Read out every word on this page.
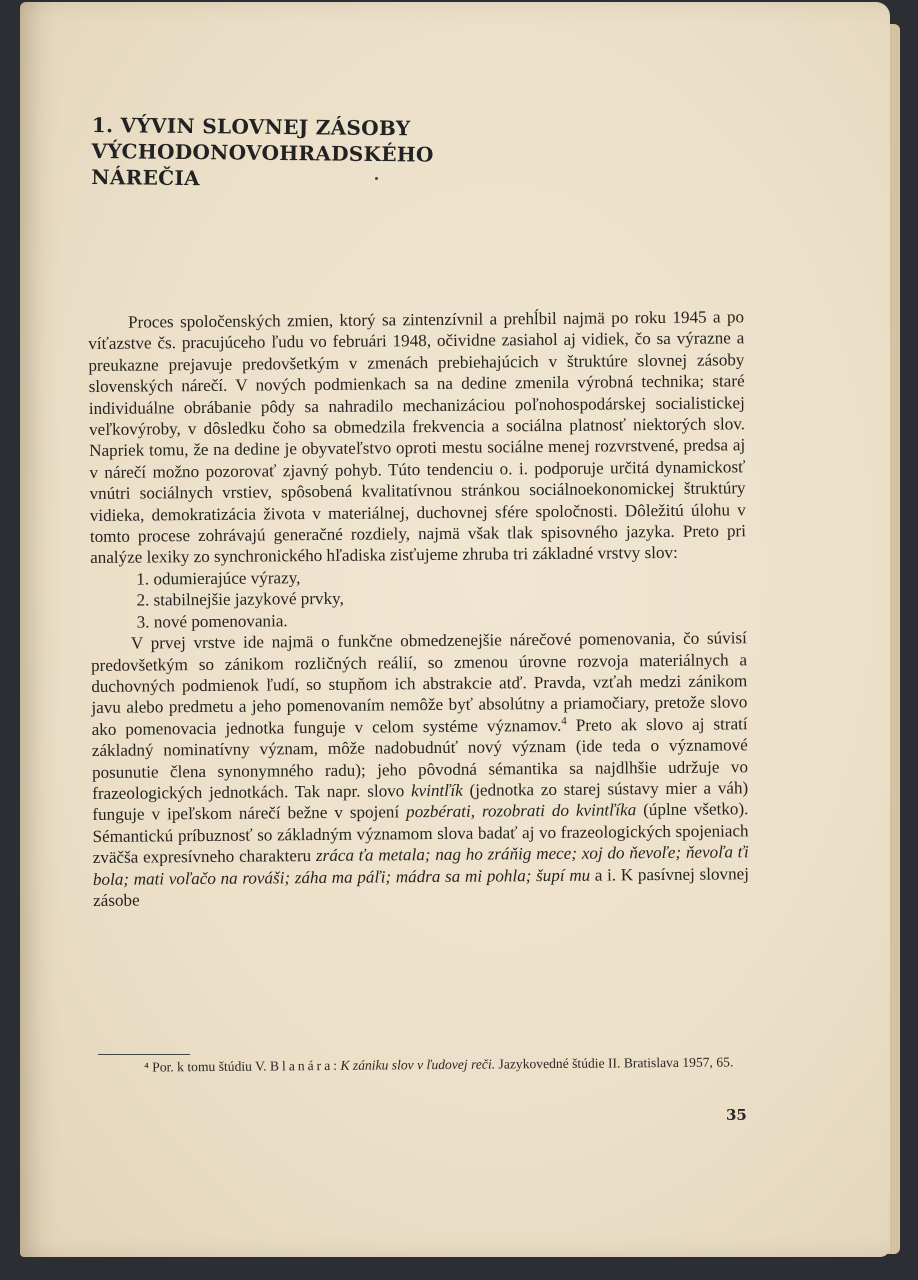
1. VÝVIN SLOVNEJ ZÁSOBY VÝCHODONOVOHRADSKÉHO
NÁREČIA

Proces spoločenských zmien, ktorý sa zintenzívnil a prehĺbil najmä po roku 1945 a po víťazstve čs. pracujúceho ľudu vo februári 1948, očividne zasiahol aj vidiek, čo sa výrazne a preukazne prejavuje predovšetkým v zmenách prebiehajúcich v štruktúre slovnej zásoby slovenských nárečí. V nových podmienkach sa na dedine zmenila výrobná technika; staré individuálne obrábanie pôdy sa nahradilo mechanizáciou poľnohospodárskej socialistickej veľkovýroby, v dôsledku čoho sa obmedzila frekvencia a sociálna platnosť niektorých slov. Napriek tomu, že na dedine je obyvateľstvo oproti mestu sociálne menej rozvrstvené, predsa aj v nárečí možno pozorovať zjavný pohyb. Túto tendenciu o. i. podporuje určitá dynamickosť vnútri sociálnych vrstiev, spôsobená kvalitatívnou stránkou sociálnoekonomickej štruktúry vidieka, demokratizácia života v materiálnej, duchovnej sfére spoločnosti. Dôležitú úlohu v tomto procese zohrávajú generačné rozdiely, najmä však tlak spisovného jazyka. Preto pri analýze lexiky zo synchronického hľadiska zisťujeme zhruba tri základné vrstvy slov:

1. odumierajúce výrazy,
2. stabilnejšie jazykové prvky,
3. nové pomenovania.

V prvej vrstve ide najmä o funkčne obmedzenejšie nárečové pomenovania, čo súvisí predovšetkým so zánikom rozličných reálií, so zmenou úrovne rozvoja materiálnych a duchovných podmienok ľudí, so stupňom ich abstrakcie atď. Pravda, vzťah medzi zánikom javu alebo predmetu a jeho pomenovaním nemôže byť absolútny a priamočiary, pretože slovo ako pomenovacia jednotka funguje v celom systéme významov.$^4$ Preto ak slovo aj stratí základný nominatívny význam, môže nadobudnúť nový význam (ide teda o významové posunutie člena synonymného radu); jeho pôvodná sémantika sa najdlhšie udržuje vo frazeologických jednotkách. Tak napr. slovo kvintľík (jednotka zo starej sústavy mier a váh) funguje v ipeľskom nárečí bežne v spojení pozbérati, rozobrati do kvintľíka (úplne všetko). Sémantickú príbuznosť so základným významom slova badať aj vo frazeologických spojeniach zväčša expresívneho charakteru zráca ťa metala; nag ho zráňig mece; xoj do ňevoľe; ňevoľa ťi bola; mati voľačo na rováši; záha ma páľi; mádra sa mi pohla; šupí mu a i. K pasívnej slovnej zásobe

⁴ Por. k tomu štúdiu V. Blanára: K zániku slov v ľudovej reči. Jazykovedné štúdie II. Bratislava 1957, 65.
35
